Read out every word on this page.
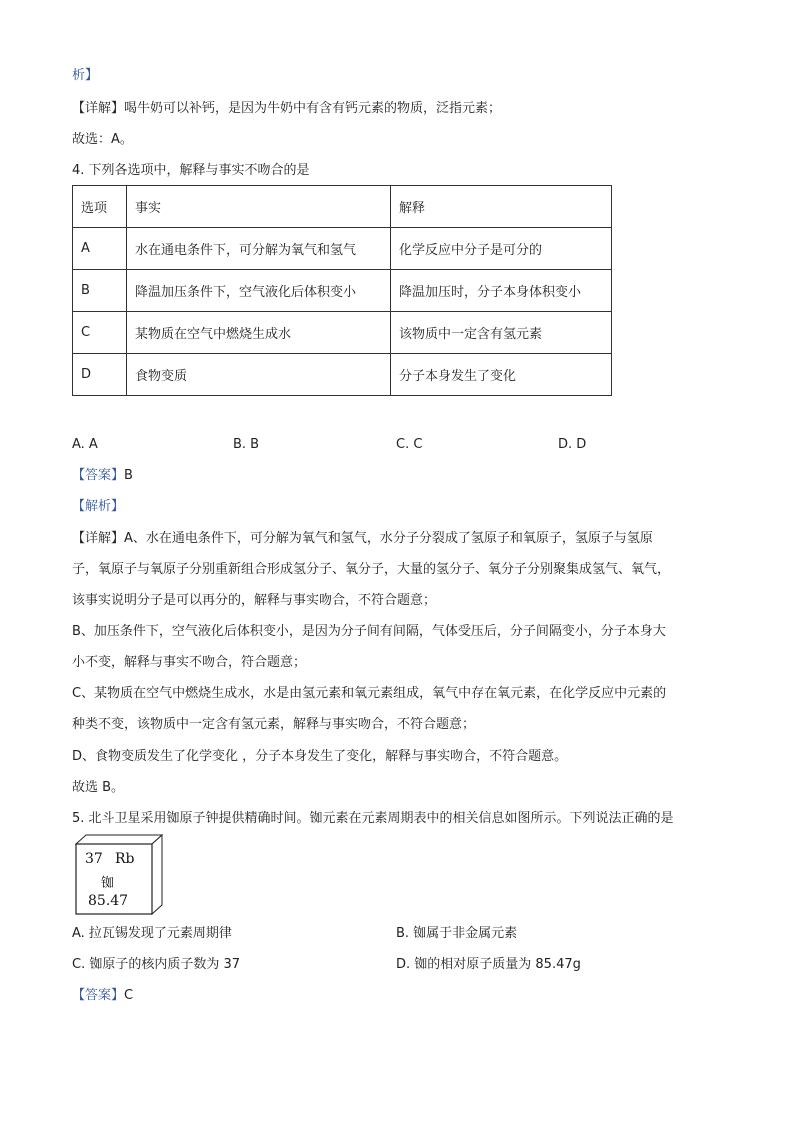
析】
【详解】喝牛奶可以补钙，是因为牛奶中有含有钙元素的物质，泛指元素；
故选：A。
4. 下列各选项中，解释与事实不吻合的是
选项	事实	解释
A	水在通电条件下，可分解为氧气和氢气	化学反应中分子是可分的
B	降温加压条件下，空气液化后体积变小	降温加压时，分子本身体积变小
C	某物质在空气中燃烧生成水	该物质中一定含有氢元素
D	食物变质	分子本身发生了变化
A. A	B. B	C. C	D. D
【答案】B
【解析】
【详解】A、水在通电条件下，可分解为氧气和氢气，水分子分裂成了氢原子和氧原子，氢原子与氢原
子，氧原子与氧原子分别重新组合形成氢分子、氧分子，大量的氢分子、氧分子分别聚集成氢气、氧气，
该事实说明分子是可以再分的，解释与事实吻合，不符合题意；
B、加压条件下，空气液化后体积变小，是因为分子间有间隔，气体受压后，分子间隔变小，分子本身大
小不变，解释与事实不吻合，符合题意；
C、某物质在空气中燃烧生成水，水是由氢元素和氧元素组成，氧气中存在氧元素，在化学反应中元素的
种类不变，该物质中一定含有氢元素，解释与事实吻合，不符合题意；
D、食物变质发生了化学变化 ，分子本身发生了变化，解释与事实吻合，不符合题意。
故选 B。
5. 北斗卫星采用铷原子钟提供精确时间。铷元素在元素周期表中的相关信息如图所示。下列说法正确的是
37 Rb
铷
85.47
A. 拉瓦锡发现了元素周期律	B. 铷属于非金属元素
C. 铷原子的核内质子数为 37	D. 铷的相对原子质量为 85.47g
【答案】C
